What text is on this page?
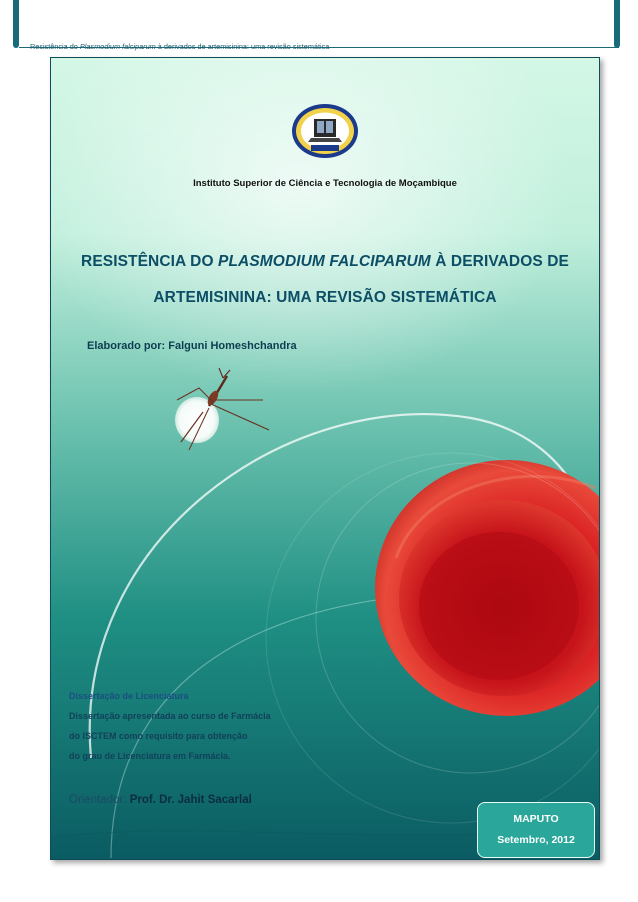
Resistência do Plasmodium falciparum à derivados de artemisinina: uma revisão sistemática
Instituto Superior de Ciência e Tecnologia de Moçambique
RESISTÊNCIA DO PLASMODIUM FALCIPARUM À DERIVADOS DE ARTEMISININA: UMA REVISÃO SISTEMÁTICA
Elaborado por: Falguni Homeshchandra
Dissertação de Licenciatura
Dissertação apresentada ao curso de Farmácia
do ISCTEM como requisito para obtenção
do grau de Licenciatura em Farmácia.
Orientador: Prof. Dr. Jahit Sacarlal
MAPUTO
Setembro, 2012
